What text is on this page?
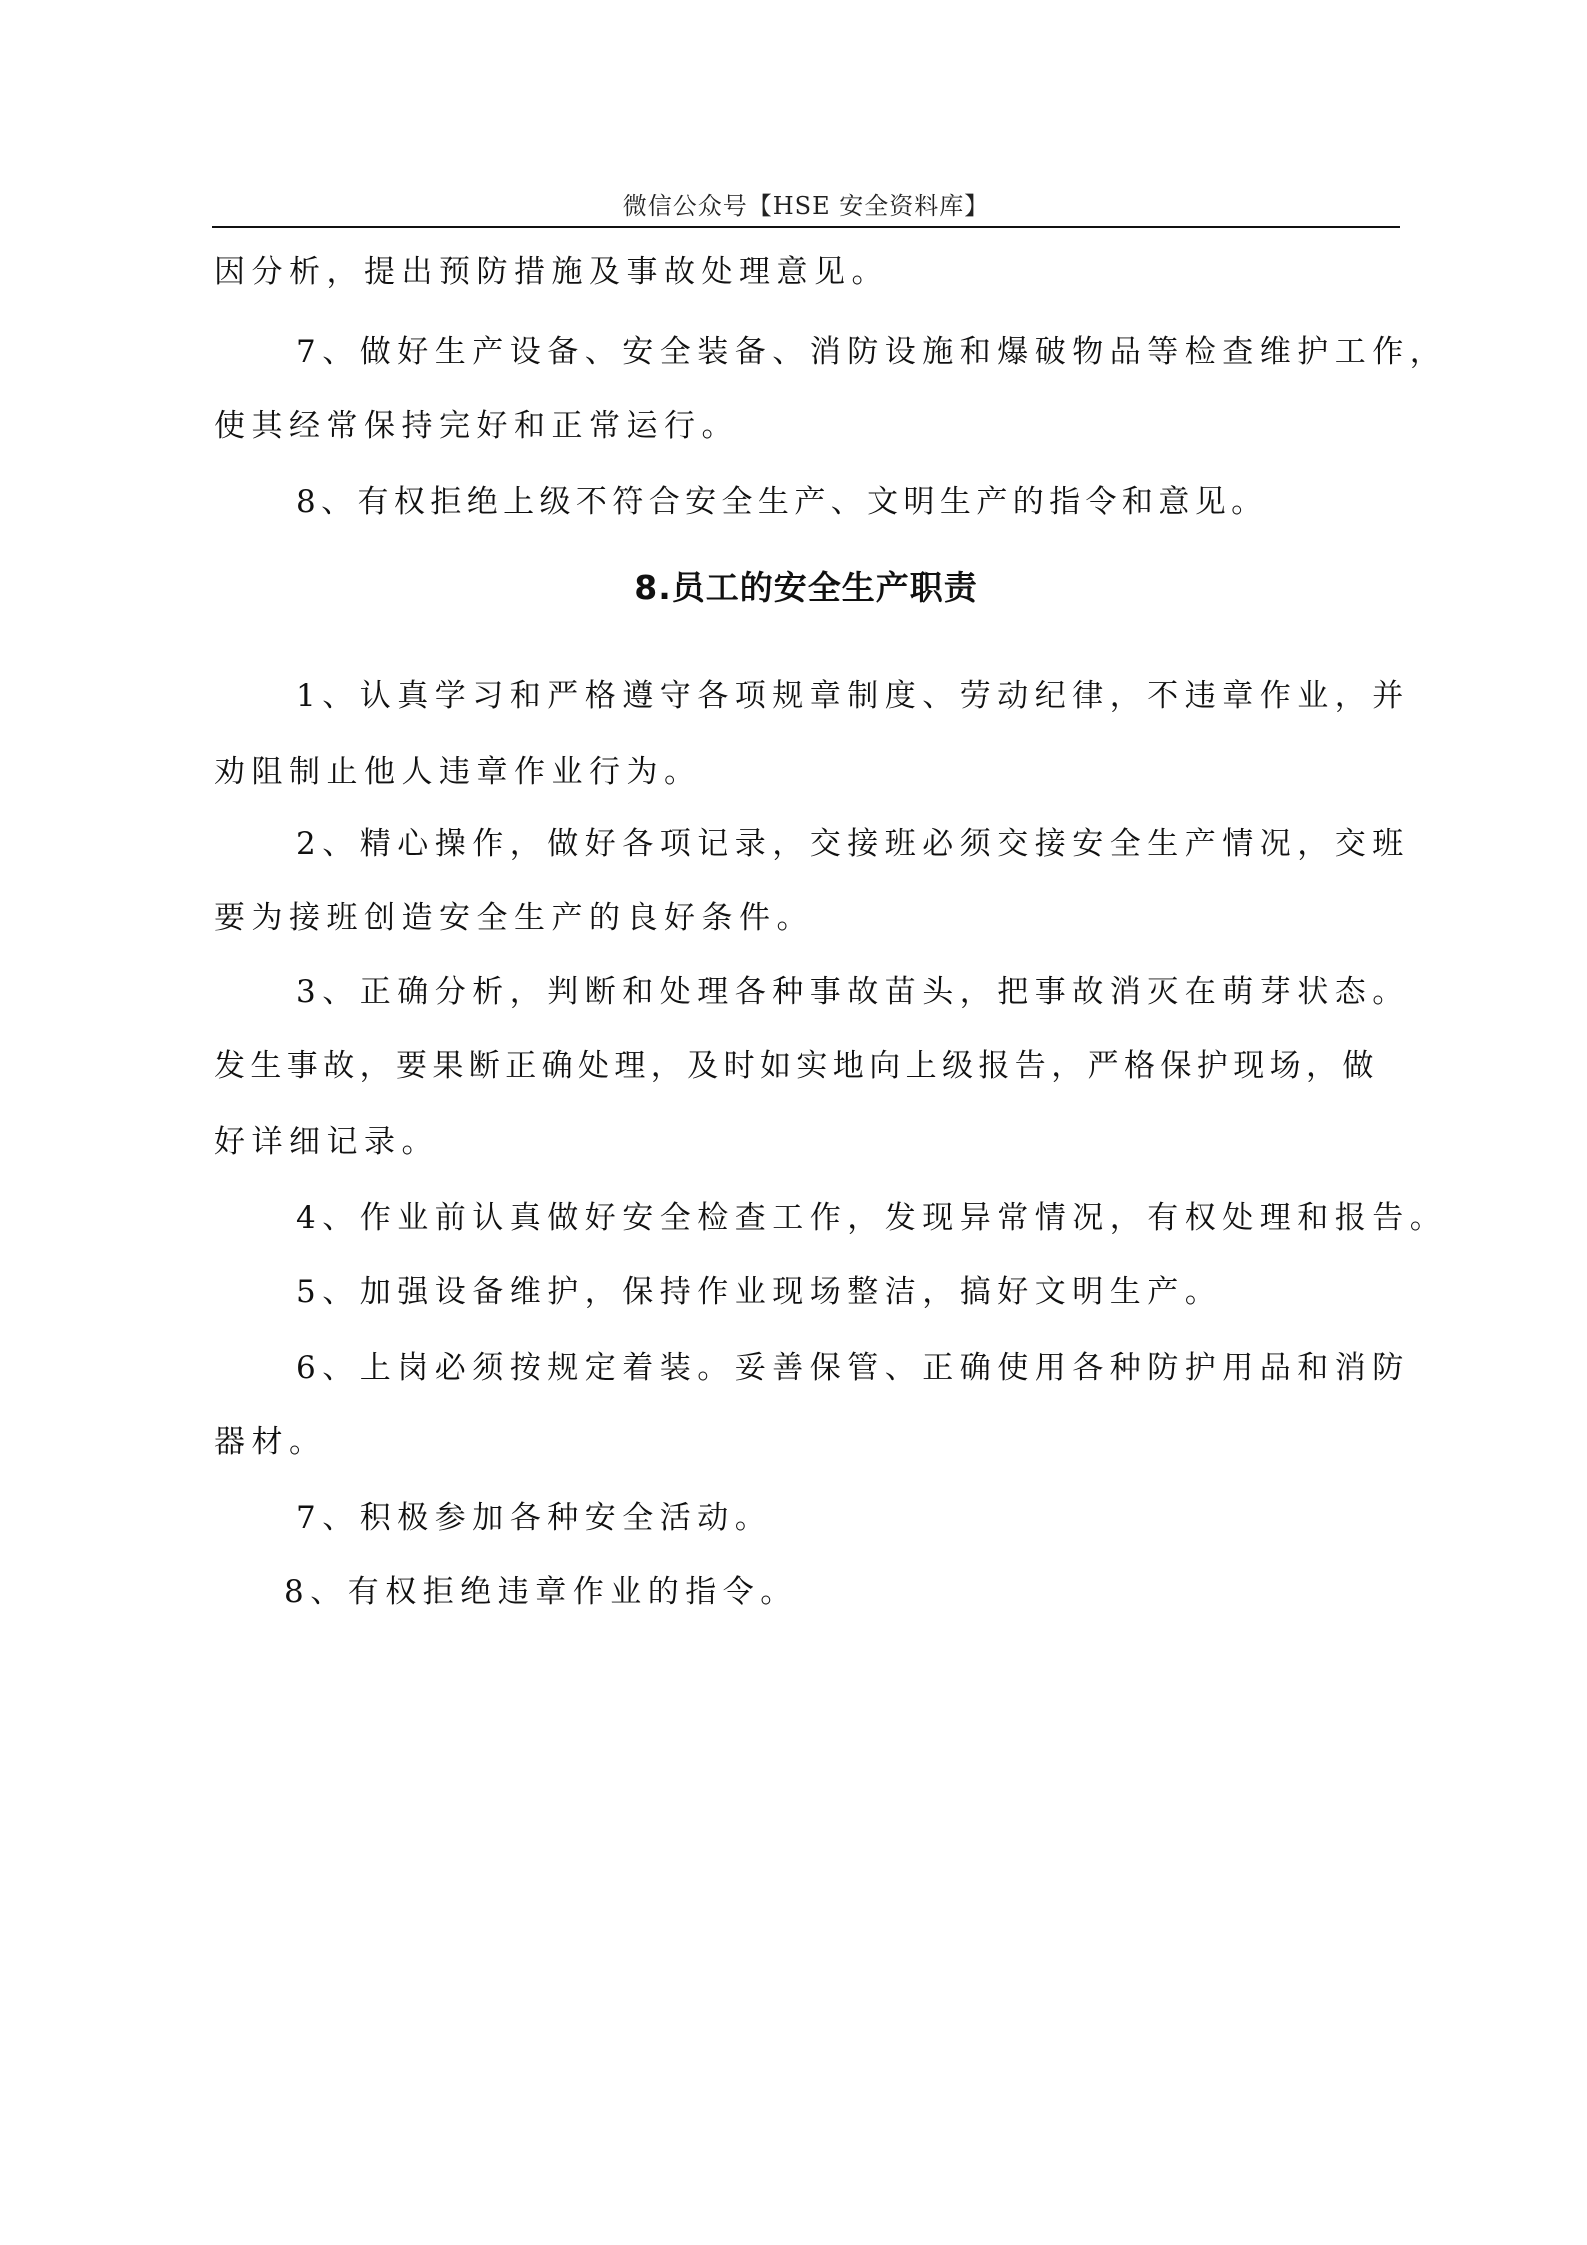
微信公众号【HSE 安全资料库】
因分析，提出预防措施及事故处理意见。
7、做好生产设备、安全装备、消防设施和爆破物品等检查维护工作，
使其经常保持完好和正常运行。
8、有权拒绝上级不符合安全生产、文明生产的指令和意见。
8.员工的安全生产职责
1、认真学习和严格遵守各项规章制度、劳动纪律，不违章作业，并
劝阻制止他人违章作业行为。
2、精心操作，做好各项记录，交接班必须交接安全生产情况，交班
要为接班创造安全生产的良好条件。
3、正确分析，判断和处理各种事故苗头，把事故消灭在萌芽状态。
发生事故，要果断正确处理，及时如实地向上级报告，严格保护现场，做
好详细记录。
4、作业前认真做好安全检查工作，发现异常情况，有权处理和报告。
5、加强设备维护，保持作业现场整洁，搞好文明生产。
6、上岗必须按规定着装。妥善保管、正确使用各种防护用品和消防
器材。
7、积极参加各种安全活动。
8、有权拒绝违章作业的指令。
